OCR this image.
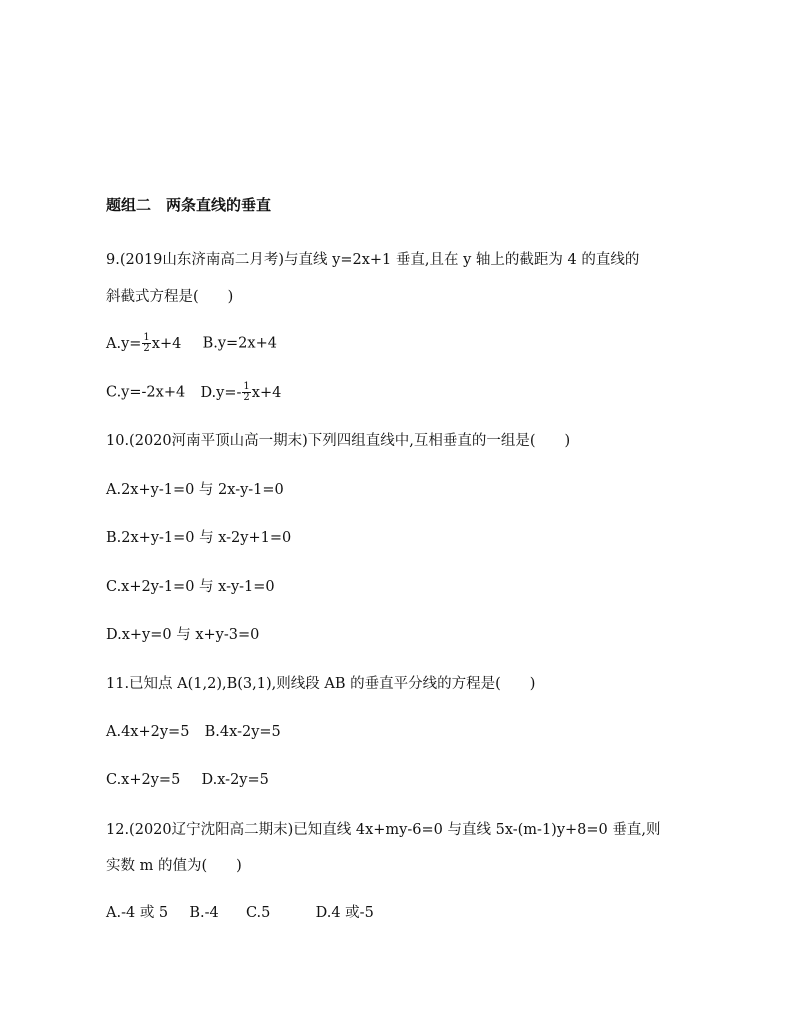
题组二　两条直线的垂直
9.(2019山东济南高二月考)与直线 y=2x+1 垂直,且在 y 轴上的截距为 4 的直线的
斜截式方程是(　　)
$A.y= \frac{1}{2} x+4$ B.y=2x+4
C.y=-2x+4 $D.y=- \frac{1}{2} x+4$
10.(2020河南平顶山高一期末)下列四组直线中,互相垂直的一组是(　　)
A.2x+y-1=0 与 2x-y-1=0
B.2x+y-1=0 与 x-2y+1=0
C.x+2y-1=0 与 x-y-1=0
D.x+y=0 与 x+y-3=0
11.已知点 A(1,2),B(3,1),则线段 AB 的垂直平分线的方程是(　　)
A.4x+2y=5 B.4x-2y=5
C.x+2y=5 D.x-2y=5
12.(2020辽宁沈阳高二期末)已知直线 4x+my-6=0 与直线 5x-(m-1)y+8=0 垂直,则
实数 m 的值为(　　)
A.-4 或 5 B.-4 C.5	D.4 或-5
